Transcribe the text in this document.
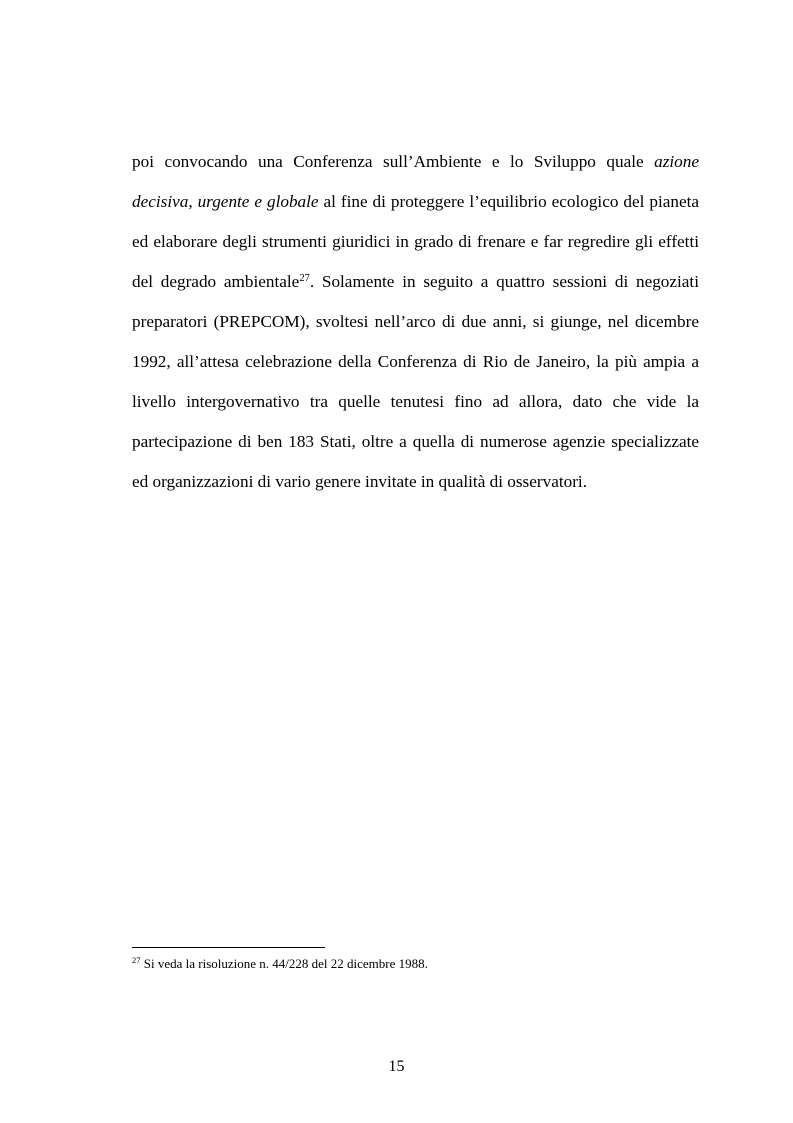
poi convocando una Conferenza sull’Ambiente e lo Sviluppo quale azione
decisiva, urgente e globale al fine di proteggere l’equilibrio ecologico del pianeta
ed elaborare degli strumenti giuridici in grado di frenare e far regredire gli effetti
del degrado ambientale$^{27}$. Solamente in seguito a quattro sessioni di negoziati
preparatori (PREPCOM), svoltesi nell’arco di due anni, si giunge, nel dicembre
1992, all’attesa celebrazione della Conferenza di Rio de Janeiro, la più ampia a
livello intergovernativo tra quelle tenutesi fino ad allora, dato che vide la
partecipazione di ben 183 Stati, oltre a quella di numerose agenzie specializzate
ed organizzazioni di vario genere invitate in qualità di osservatori.
$^{27}$ Si veda la risoluzione n. 44/228 del 22 dicembre 1988.
15
